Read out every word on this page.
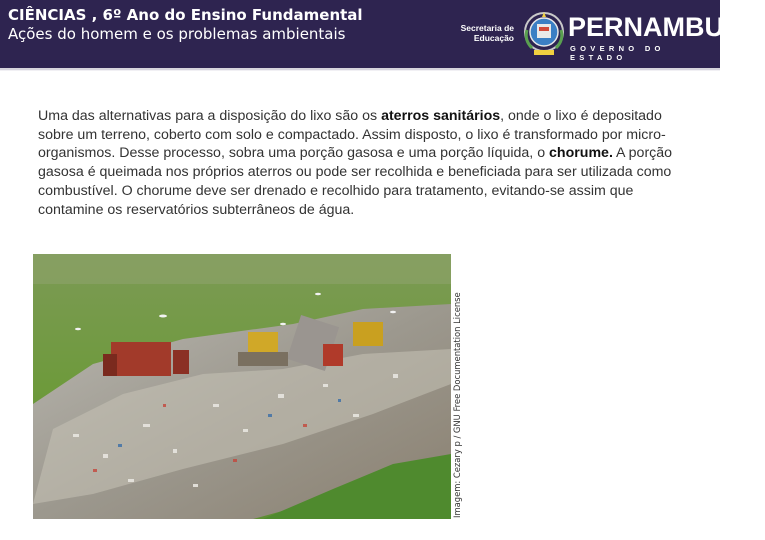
CIÊNCIAS , 6º Ano do Ensino Fundamental
Ações do homem e os problemas ambientais	Secretaria de
Educação PERNAMBUCO
GOVERNO DO ESTADO

Uma das alternativas para a disposição do lixo são os aterros sanitários, onde o lixo é depositado sobre um terreno, coberto com solo e compactado. Assim disposto, o lixo é transformado por micro-organismos. Desse processo, sobra uma porção gasosa e uma porção líquida, o chorume. A porção gasosa é queimada nos próprios aterros ou pode ser recolhida e beneficiada para ser utilizada como combustível. O chorume deve ser drenado e recolhido para tratamento, evitando-se assim que contamine os reservatórios subterrâneos de água.

Imagem: Cezary p / GNU Free Documentation License
